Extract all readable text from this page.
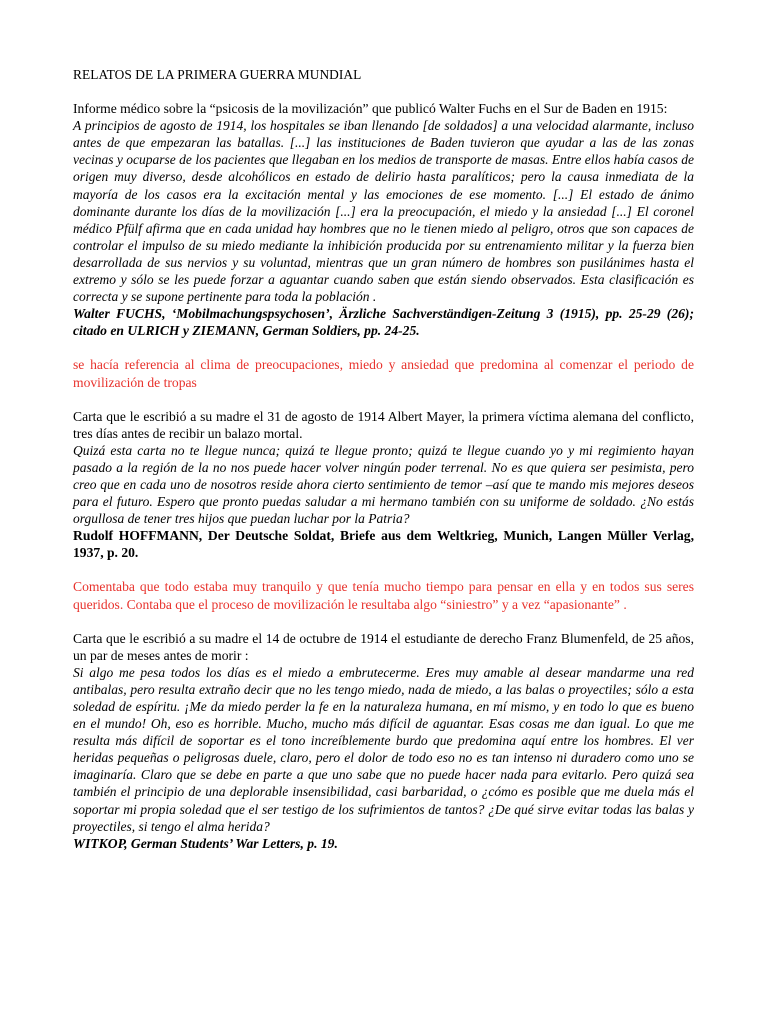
RELATOS DE LA PRIMERA GUERRA MUNDIAL

Informe médico sobre la “psicosis de la movilización” que publicó Walter Fuchs en el Sur de Baden en 1915:

A principios de agosto de 1914, los hospitales se iban llenando [de soldados] a una velocidad alarmante, incluso antes de que empezaran las batallas. [...] las instituciones de Baden tuvieron que ayudar a las de las zonas vecinas y ocuparse de los pacientes que llegaban en los medios de transporte de masas. Entre ellos había casos de origen muy diverso, desde alcohólicos en estado de delirio hasta paralíticos; pero la causa inmediata de la mayoría de los casos era la excitación mental y las emociones de ese momento. [...] El estado de ánimo dominante durante los días de la movilización [...] era la preocupación, el miedo y la ansiedad [...] El coronel médico Pfülf afirma que en cada unidad hay hombres que no le tienen miedo al peligro, otros que son capaces de controlar el impulso de su miedo mediante la inhibición producida por su entrenamiento militar y la fuerza bien desarrollada de sus nervios y su voluntad, mientras que un gran número de hombres son pusilánimes hasta el extremo y sólo se les puede forzar a aguantar cuando saben que están siendo observados. Esta clasificación es correcta y se supone pertinente para toda la población .

Walter FUCHS, ‘Mobilmachungspsychosen’, Ärzliche Sachverständigen-Zeitung 3 (1915), pp. 25-29 (26); citado en ULRICH y ZIEMANN, German Soldiers, pp. 24-25.

se hacía referencia al clima de preocupaciones, miedo y ansiedad que predomina al comenzar el periodo de movilización de tropas

Carta que le escribió a su madre el 31 de agosto de 1914 Albert Mayer, la primera víctima alemana del conflicto, tres días antes de recibir un balazo mortal.

Quizá esta carta no te llegue nunca; quizá te llegue pronto; quizá te llegue cuando yo y mi regimiento hayan pasado a la región de la no nos puede hacer volver ningún poder terrenal. No es que quiera ser pesimista, pero creo que en cada uno de nosotros reside ahora cierto sentimiento de temor –así que te mando mis mejores deseos para el futuro. Espero que pronto puedas saludar a mi hermano también con su uniforme de soldado. ¿No estás orgullosa de tener tres hijos que puedan luchar por la Patria?

Rudolf HOFFMANN, Der Deutsche Soldat, Briefe aus dem Weltkrieg, Munich, Langen Müller Verlag, 1937, p. 20.

Comentaba que todo estaba muy tranquilo y que tenía mucho tiempo para pensar en ella y en todos sus seres queridos. Contaba que el proceso de movilización le resultaba algo “siniestro” y a vez “apasionante” .

Carta que le escribió a su madre el 14 de octubre de 1914 el estudiante de derecho Franz Blumenfeld, de 25 años, un par de meses antes de morir :

Si algo me pesa todos los días es el miedo a embrutecerme. Eres muy amable al desear mandarme una red antibalas, pero resulta extraño decir que no les tengo miedo, nada de miedo, a las balas o proyectiles; sólo a esta soledad de espíritu. ¡Me da miedo perder la fe en la naturaleza humana, en mí mismo, y en todo lo que es bueno en el mundo! Oh, eso es horrible. Mucho, mucho más difícil de aguantar. Esas cosas me dan igual. Lo que me resulta más difícil de soportar es el tono increíblemente burdo que predomina aquí entre los hombres. El ver heridas pequeñas o peligrosas duele, claro, pero el dolor de todo eso no es tan intenso ni duradero como uno se imaginaría. Claro que se debe en parte a que uno sabe que no puede hacer nada para evitarlo. Pero quizá sea también el principio de una deplorable insensibilidad, casi barbaridad, o ¿cómo es posible que me duela más el soportar mi propia soledad que el ser testigo de los sufrimientos de tantos? ¿De qué sirve evitar todas las balas y proyectiles, si tengo el alma herida?

WITKOP, German Students’ War Letters, p. 19.
